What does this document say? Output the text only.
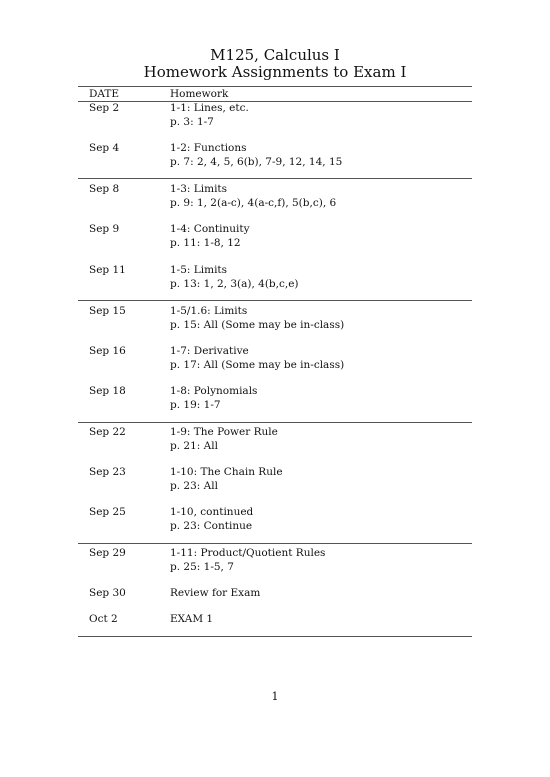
M125, Calculus I
Homework Assignments to Exam I
DATE	Homework
Sep 2	1-1: Lines, etc.
p. 3: 1-7
Sep 4	1-2: Functions
p. 7: 2, 4, 5, 6(b), 7-9, 12, 14, 15
Sep 8	1-3: Limits
p. 9: 1, 2(a-c), 4(a-c,f), 5(b,c), 6
Sep 9	1-4: Continuity
p. 11: 1-8, 12
Sep 11	1-5: Limits
p. 13: 1, 2, 3(a), 4(b,c,e)
Sep 15	1-5/1.6: Limits
p. 15: All (Some may be in-class)
Sep 16	1-7: Derivative
p. 17: All (Some may be in-class)
Sep 18	1-8: Polynomials
p. 19: 1-7
Sep 22	1-9: The Power Rule
p. 21: All
Sep 23	1-10: The Chain Rule
p. 23: All
Sep 25	1-10, continued
p. 23: Continue
Sep 29	1-11: Product/Quotient Rules
p. 25: 1-5, 7
Sep 30	Review for Exam
Oct 2	EXAM 1
1
